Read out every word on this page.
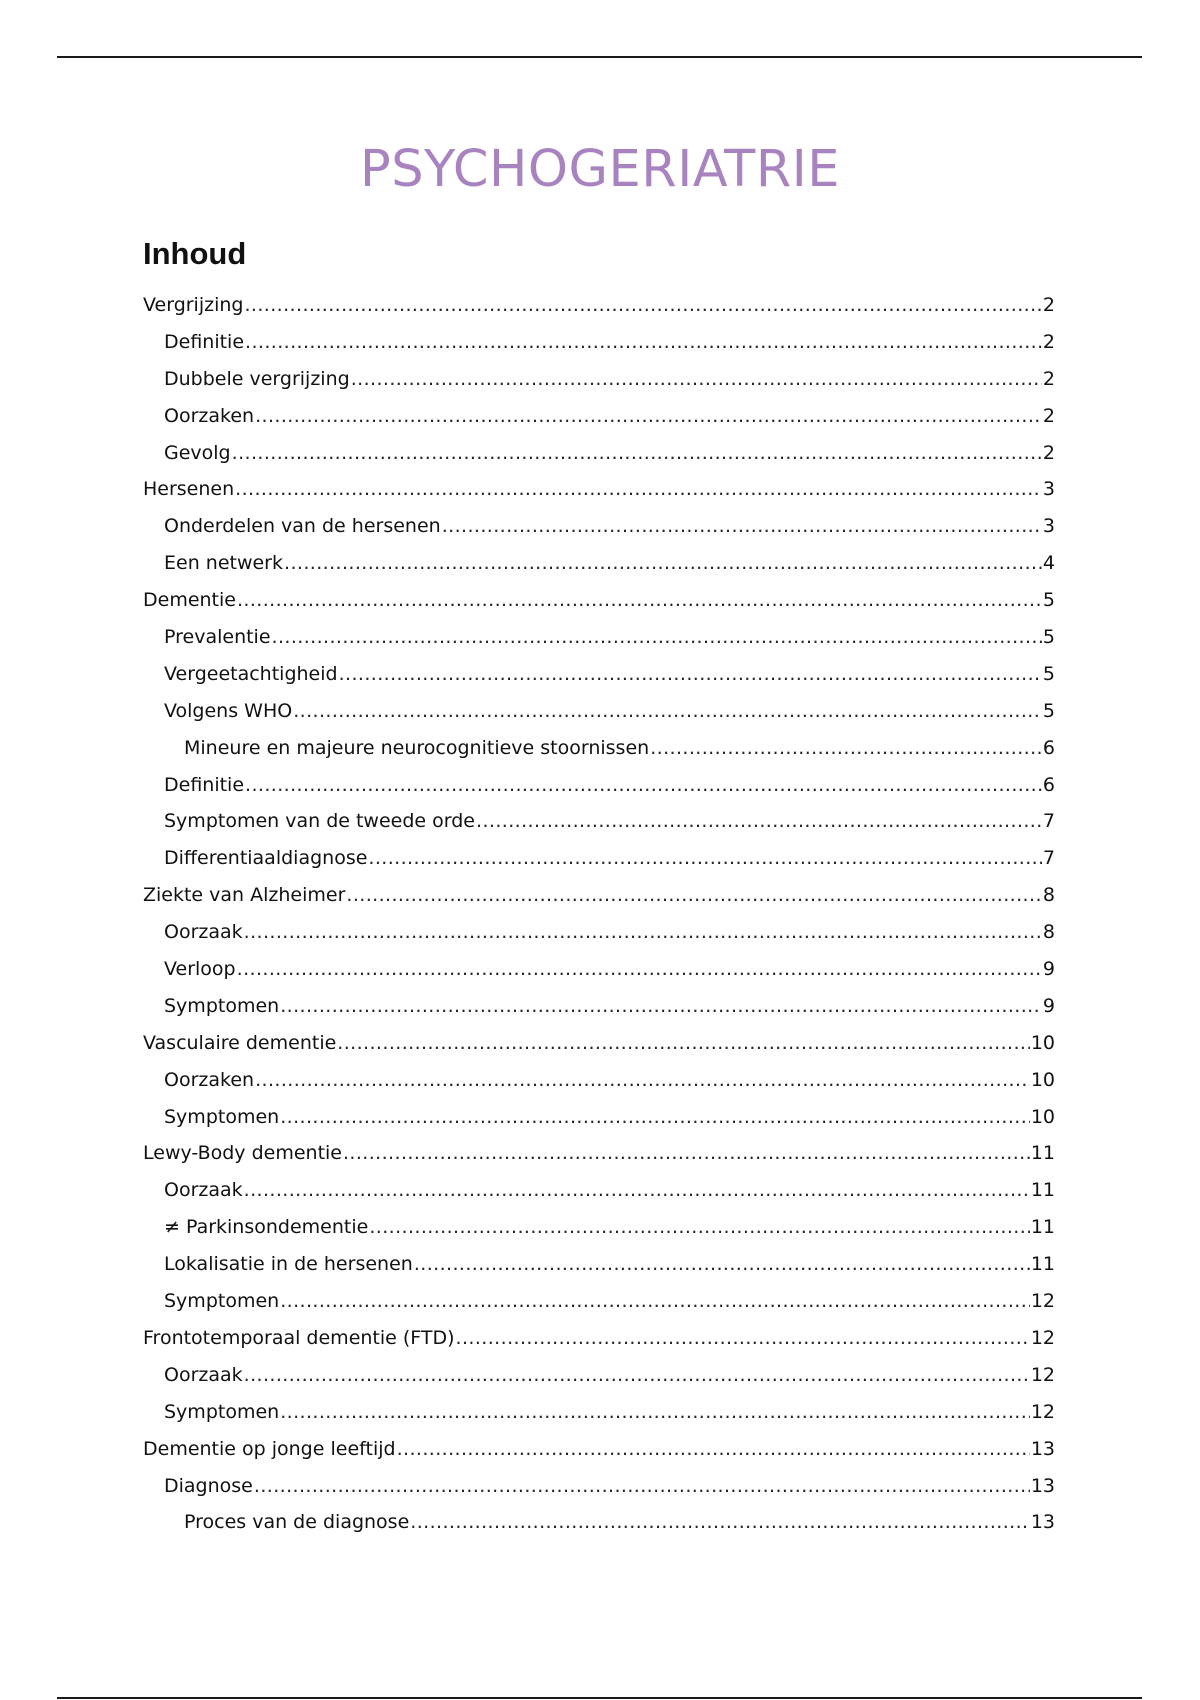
PSYCHOGERIATRIE
Inhoud
Vergrijzing .....	2
Definitie .....	2
Dubbele vergrijzing .....	2
Oorzaken .....	2
Gevolg .....	2
Hersenen .....	3
Onderdelen van de hersenen .....	3
Een netwerk .....	4
Dementie .....	5
Prevalentie .....	5
Vergeetachtigheid .....	5
Volgens WHO .....	5
Mineure en majeure neurocognitieve stoornissen .....	6
Definitie .....	6
Symptomen van de tweede orde .....	7
Differentiaaldiagnose .....	7
Ziekte van Alzheimer .....	8
Oorzaak .....	8
Verloop .....	9
Symptomen .....	9
Vasculaire dementie .....	10
Oorzaken .....	10
Symptomen .....	10
Lewy-Body dementie .....	11
Oorzaak .....	11
≠ Parkinsondementie .....	11
Lokalisatie in de hersenen .....	11
Symptomen .....	12
Frontotemporaal dementie (FTD) .....	12
Oorzaak .....	12
Symptomen .....	12
Dementie op jonge leeftijd .....	13
Diagnose .....	13
Proces van de diagnose .....	13
